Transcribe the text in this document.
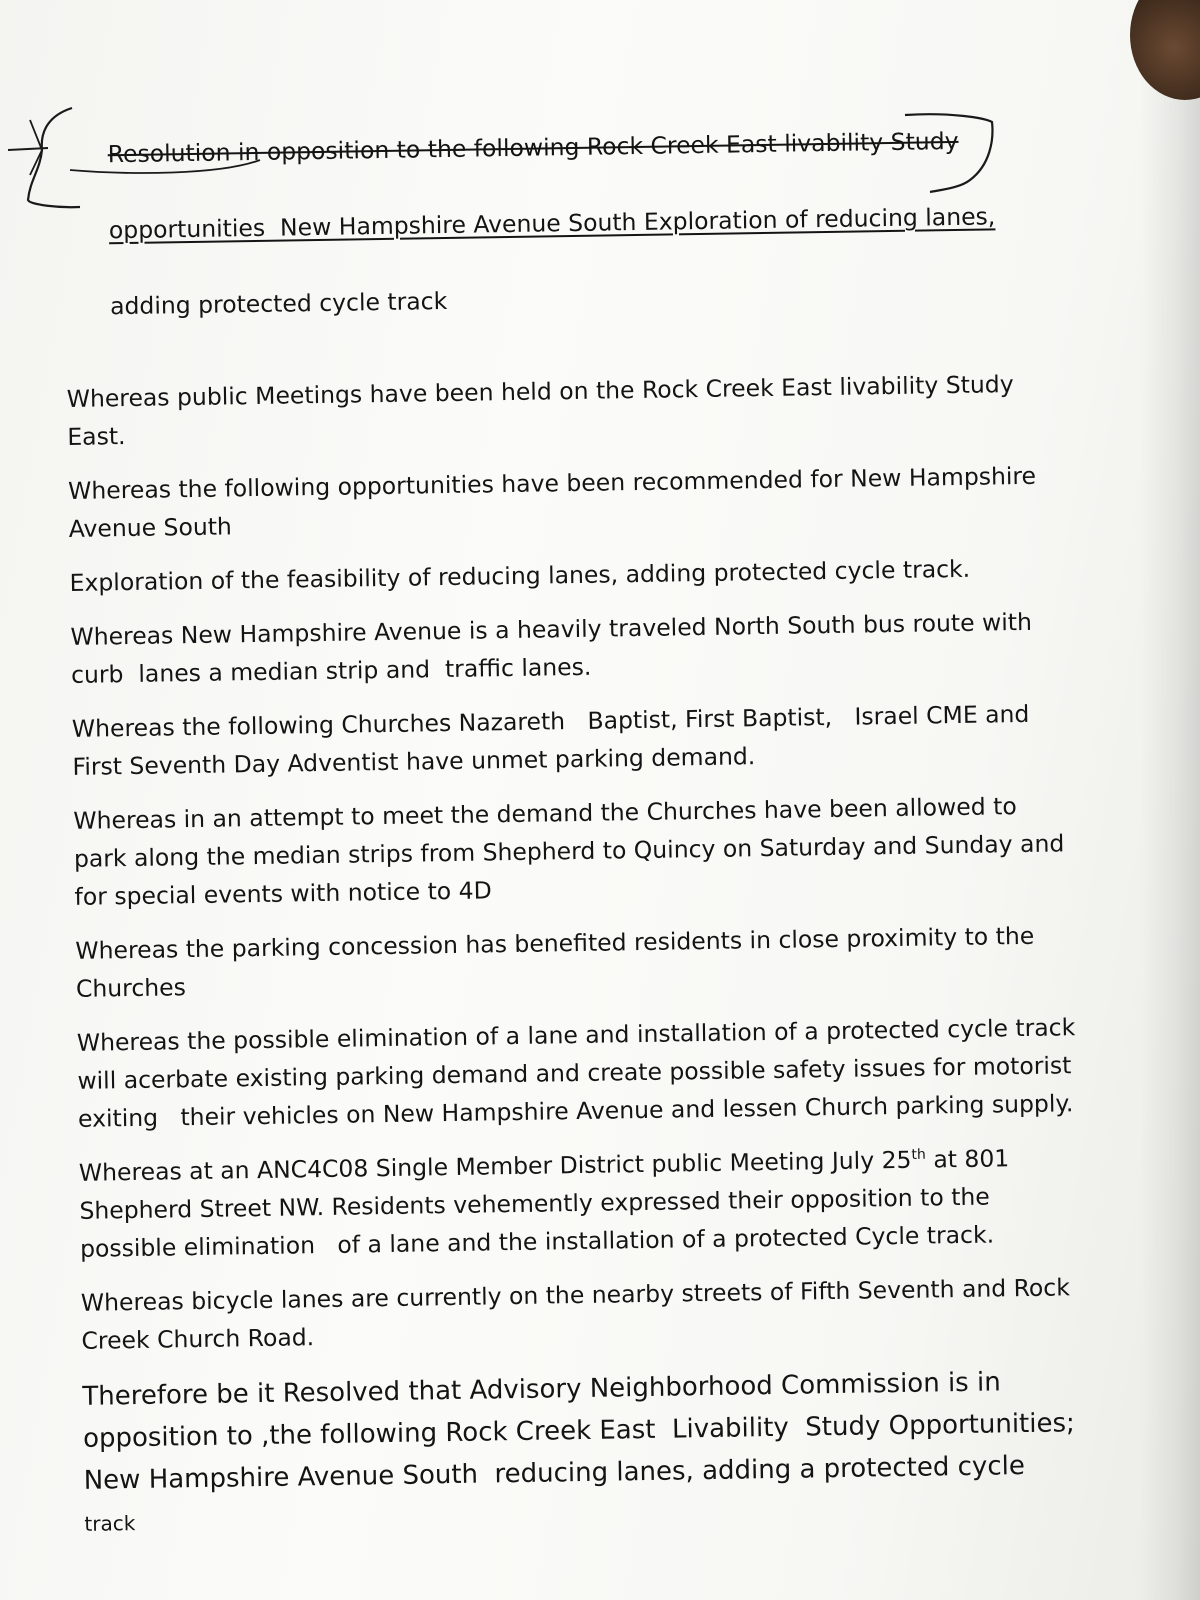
Resolution in opposition to the following Rock Creek East livability Study

opportunities  New Hampshire Avenue South Exploration of reducing lanes,

adding protected cycle track

Whereas public Meetings have been held on the Rock Creek East livability Study East.

Whereas the following opportunities have been recommended for New Hampshire Avenue South

Exploration of the feasibility of reducing lanes, adding protected cycle track.

Whereas New Hampshire Avenue is a heavily traveled North South bus route with curb  lanes a median strip and  traffic lanes.

Whereas the following Churches Nazareth   Baptist, First Baptist,   Israel CME and First Seventh Day Adventist have unmet parking demand.

Whereas in an attempt to meet the demand the Churches have been allowed to park along the median strips from Shepherd to Quincy on Saturday and Sunday and for special events with notice to 4D

Whereas the parking concession has benefited residents in close proximity to the Churches

Whereas the possible elimination of a lane and installation of a protected cycle track will acerbate existing parking demand and create possible safety issues for motorist exiting   their vehicles on New Hampshire Avenue and lessen Church parking supply.

Whereas at an ANC4C08 Single Member District public Meeting July 25th at 801 Shepherd Street NW. Residents vehemently expressed their opposition to the possible elimination   of a lane and the installation of a protected Cycle track.

Whereas bicycle lanes are currently on the nearby streets of Fifth Seventh and Rock Creek Church Road.

Therefore be it Resolved that Advisory Neighborhood Commission is in opposition to ,the following Rock Creek East  Livability  Study Opportunities; New Hampshire Avenue South  reducing lanes, adding a protected cycle track
